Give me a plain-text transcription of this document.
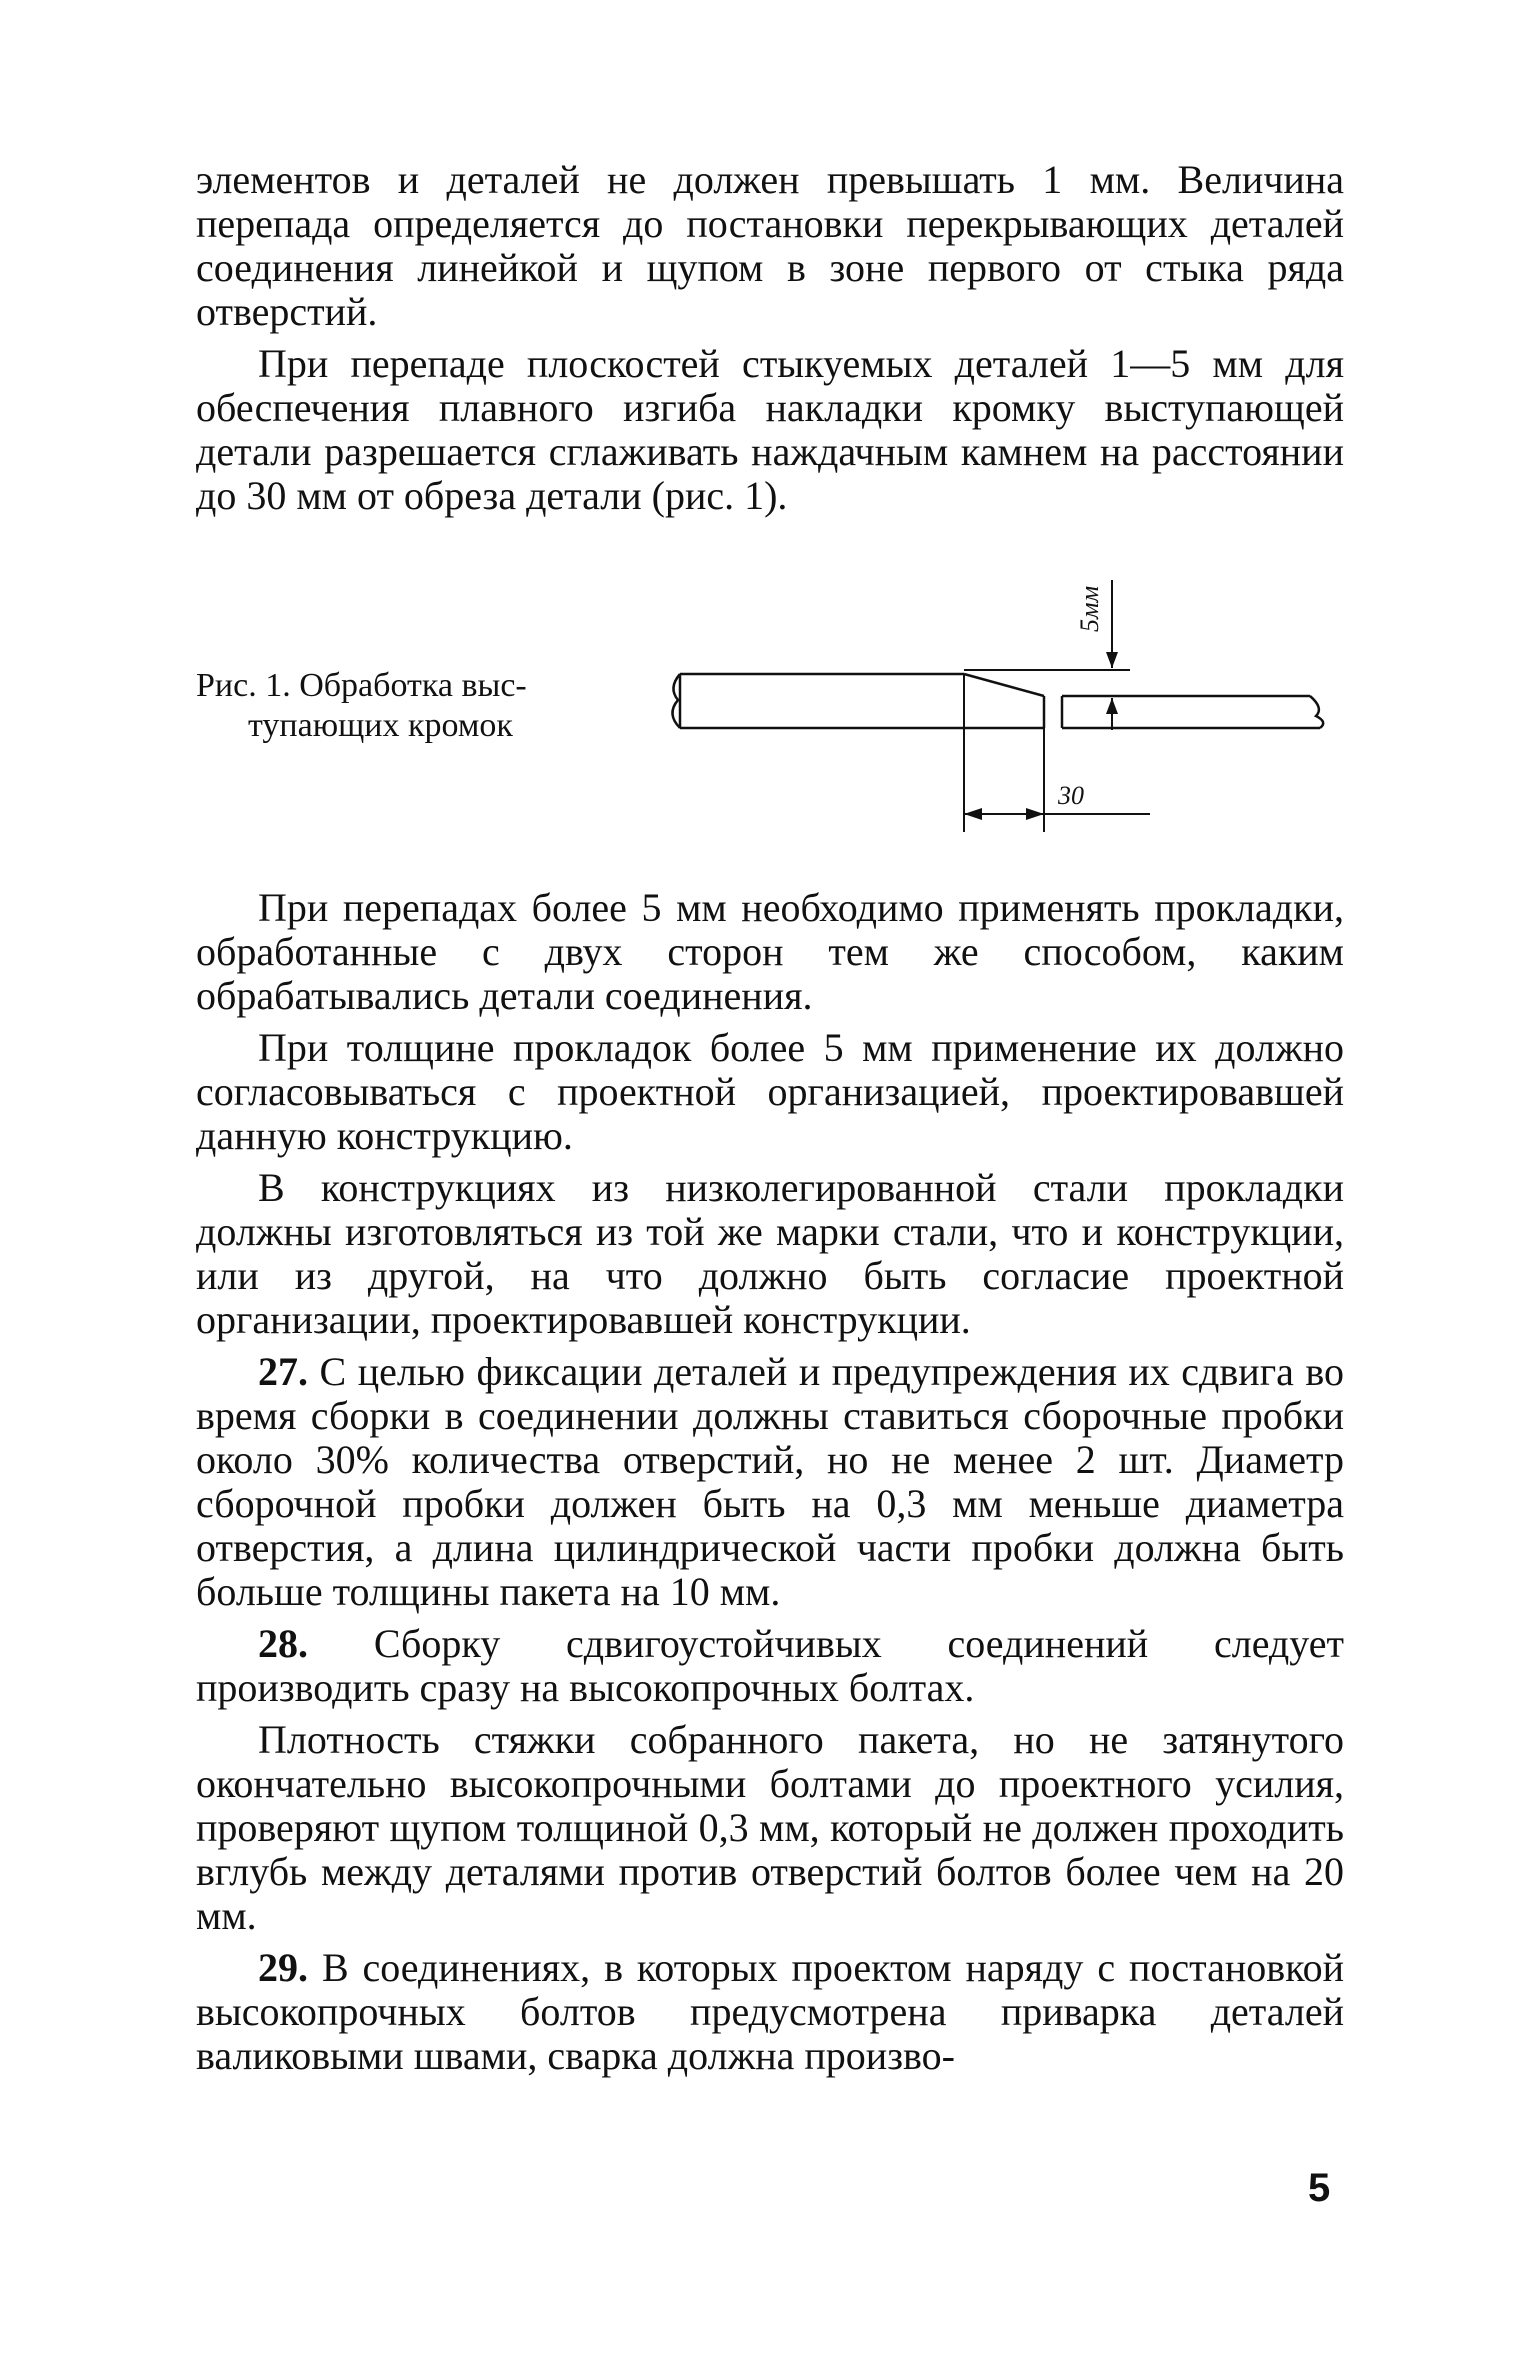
элементов и деталей не должен превышать 1 мм. Величина перепада определяется до постановки перекрывающих деталей соединения линейкой и щупом в зоне первого от стыка ряда отверстий.

При перепаде плоскостей стыкуемых деталей 1—5 мм для обеспечения плавного изгиба накладки кромку выступающей детали разрешается сглаживать наждачным камнем на расстоянии до 30 мм от обреза детали (рис. 1).

Рис. 1. Обработка выс-
тупающих кромок
5мм
30

При перепадах более 5 мм необходимо применять прокладки, обработанные с двух сторон тем же способом, каким обрабатывались детали соединения.

При толщине прокладок более 5 мм применение их должно согласовываться с проектной организацией, проектировавшей данную конструкцию.

В конструкциях из низколегированной стали прокладки должны изготовляться из той же марки стали, что и конструкции, или из другой, на что должно быть согласие проектной организации, проектировавшей конструкции.

27. С целью фиксации деталей и предупреждения их сдвига во время сборки в соединении должны ставиться сборочные пробки около 30% количества отверстий, но не менее 2 шт. Диаметр сборочной пробки должен быть на 0,3 мм меньше диаметра отверстия, а длина цилиндрической части пробки должна быть больше толщины пакета на 10 мм.

28. Сборку сдвигоустойчивых соединений следует производить сразу на высокопрочных болтах.

Плотность стяжки собранного пакета, но не затянутого окончательно высокопрочными болтами до проектного усилия, проверяют щупом толщиной 0,3 мм, который не должен проходить вглубь между деталями против отверстий болтов более чем на 20 мм.

29. В соединениях, в которых проектом наряду с постановкой высокопрочных болтов предусмотрена приварка деталей валиковыми швами, сварка должна произво-

5
